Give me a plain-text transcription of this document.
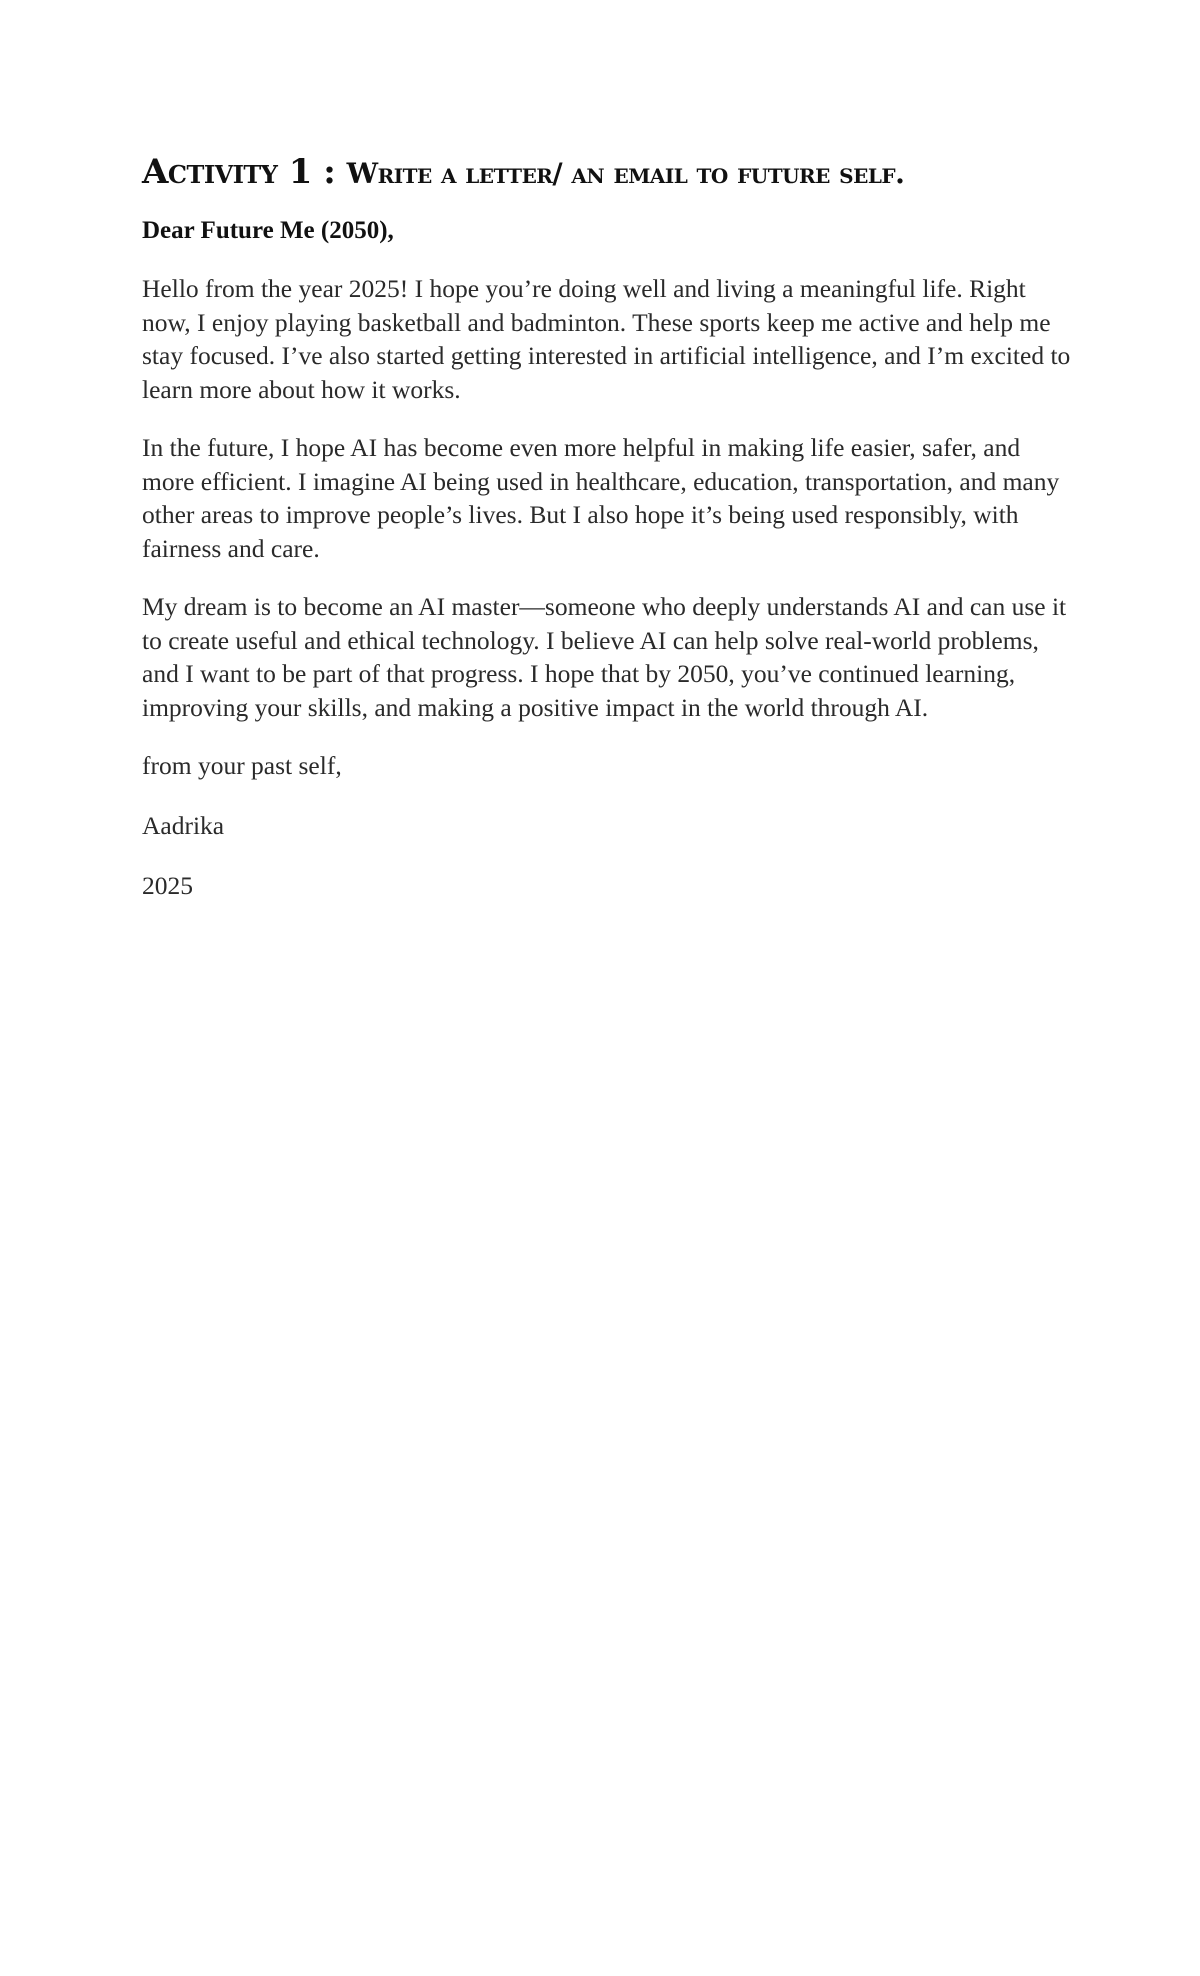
Activity 1 : Write a letter/ an email to future self.

Dear Future Me (2050),

Hello from the year 2025! I hope you’re doing well and living a meaningful life. Right now, I enjoy playing basketball and badminton. These sports keep me active and help me stay focused. I’ve also started getting interested in artificial intelligence, and I’m excited to learn more about how it works.

In the future, I hope AI has become even more helpful in making life easier, safer, and more efficient. I imagine AI being used in healthcare, education, transportation, and many other areas to improve people’s lives. But I also hope it’s being used responsibly, with fairness and care.

My dream is to become an AI master—someone who deeply understands AI and can use it to create useful and ethical technology. I believe AI can help solve real-world problems, and I want to be part of that progress. I hope that by 2050, you’ve continued learning, improving your skills, and making a positive impact in the world through AI.

from your past self,

Aadrika

2025
